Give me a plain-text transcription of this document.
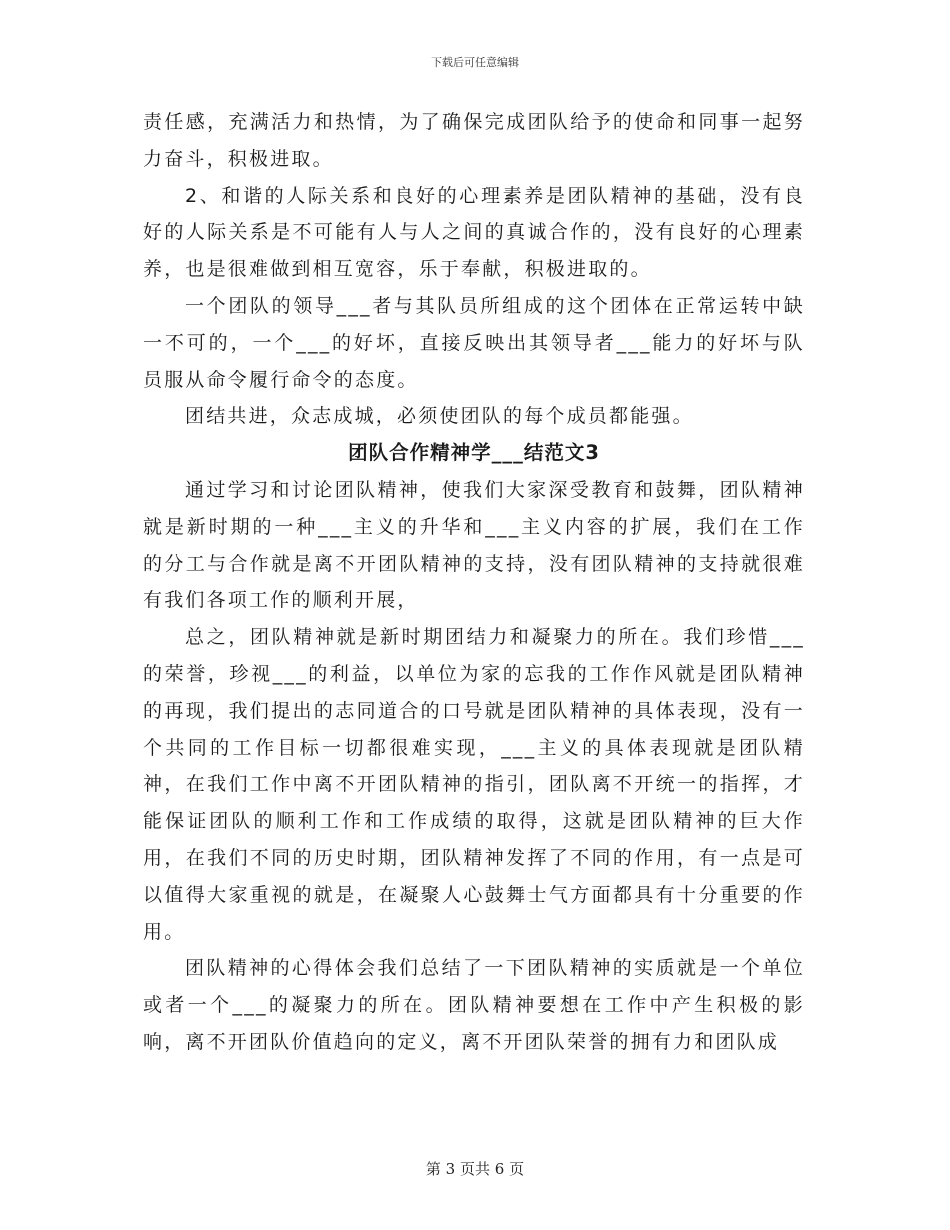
下载后可任意编辑

责任感，充满活力和热情，为了确保完成团队给予的使命和同事一起努力奋斗，积极进取。

2、和谐的人际关系和良好的心理素养是团队精神的基础，没有良好的人际关系是不可能有人与人之间的真诚合作的，没有良好的心理素养，也是很难做到相互宽容，乐于奉献，积极进取的。

一个团队的领导___者与其队员所组成的这个团体在正常运转中缺一不可的，一个___的好坏，直接反映出其领导者___能力的好坏与队员服从命令履行命令的态度。

团结共进，众志成城，必须使团队的每个成员都能强。

团队合作精神学___结范文3

通过学习和讨论团队精神，使我们大家深受教育和鼓舞，团队精神就是新时期的一种___主义的升华和___主义内容的扩展，我们在工作的分工与合作就是离不开团队精神的支持，没有团队精神的支持就很难有我们各项工作的顺利开展，

总之，团队精神就是新时期团结力和凝聚力的所在。我们珍惜___的荣誉，珍视___的利益，以单位为家的忘我的工作作风就是团队精神的再现，我们提出的志同道合的口号就是团队精神的具体表现，没有一个共同的工作目标一切都很难实现，___主义的具体表现就是团队精神，在我们工作中离不开团队精神的指引，团队离不开统一的指挥，才能保证团队的顺利工作和工作成绩的取得，这就是团队精神的巨大作用，在我们不同的历史时期，团队精神发挥了不同的作用，有一点是可以值得大家重视的就是，在凝聚人心鼓舞士气方面都具有十分重要的作用。

团队精神的心得体会我们总结了一下团队精神的实质就是一个单位或者一个___的凝聚力的所在。团队精神要想在工作中产生积极的影响，离不开团队价值趋向的定义，离不开团队荣誉的拥有力和团队成

第 3 页共 6 页
